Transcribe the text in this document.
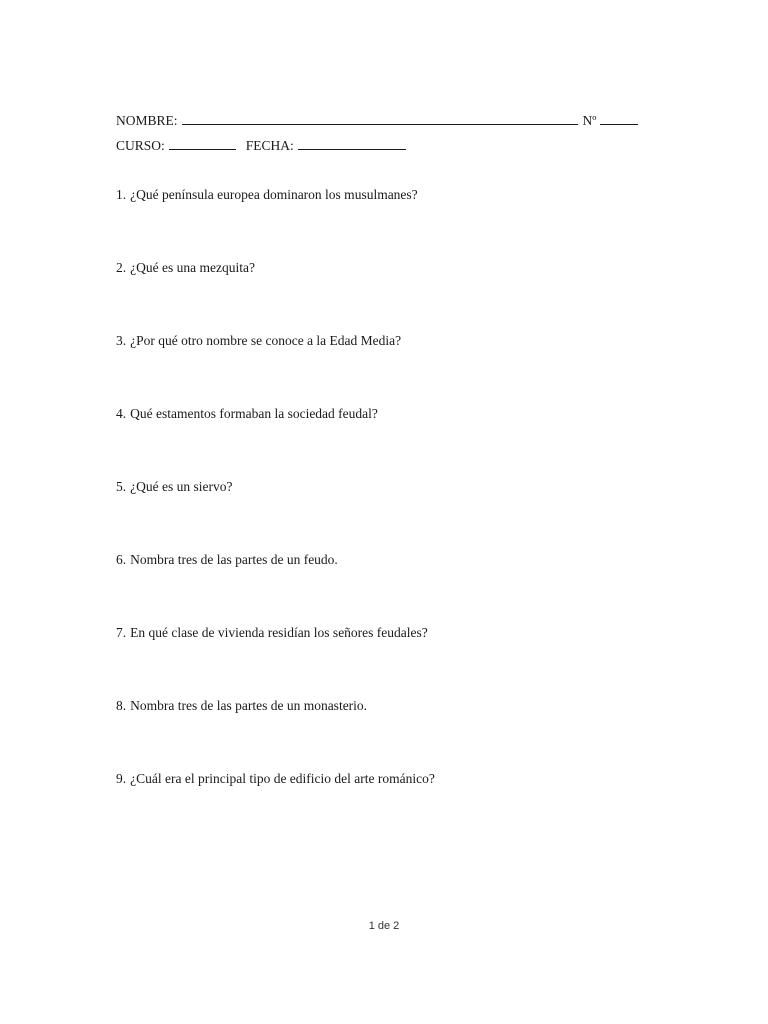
NOMBRE:	Nº
CURSO:	FECHA:
1. ¿Qué península europea dominaron los musulmanes?
2. ¿Qué es una mezquita?
3. ¿Por qué otro nombre se conoce a la Edad Media?
4. Qué estamentos formaban la sociedad feudal?
5. ¿Qué es un siervo?
6. Nombra tres de las partes de un feudo.
7. En qué clase de vivienda residían los señores feudales?
8. Nombra tres de las partes de un monasterio.
9. ¿Cuál era el principal tipo de edificio del arte románico?
1 de 2
